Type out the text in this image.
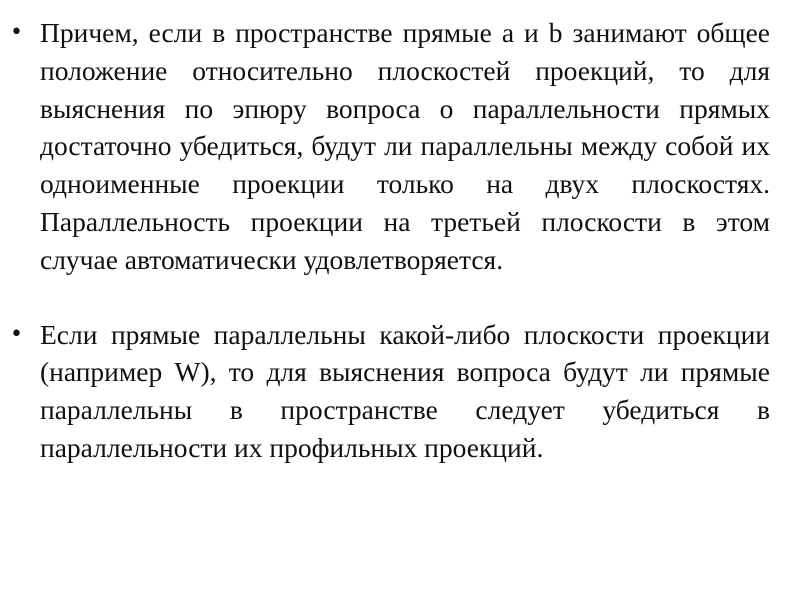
• Причем, если в пространстве прямые a и b занимают общее положение относительно плоскостей проекций, то для выяснения по эпюру вопроса о параллельности прямых достаточно убедиться, будут ли параллельны между собой их одноименные проекции только на двух плоскостях. Параллельность проекции на третьей плоскости в этом случае автоматически удовлетворяется.
• Если прямые параллельны какой-либо плоскости проекции (например W), то для выяснения вопроса будут ли прямые параллельны в пространстве следует убедиться в параллельности их профильных проекций.
